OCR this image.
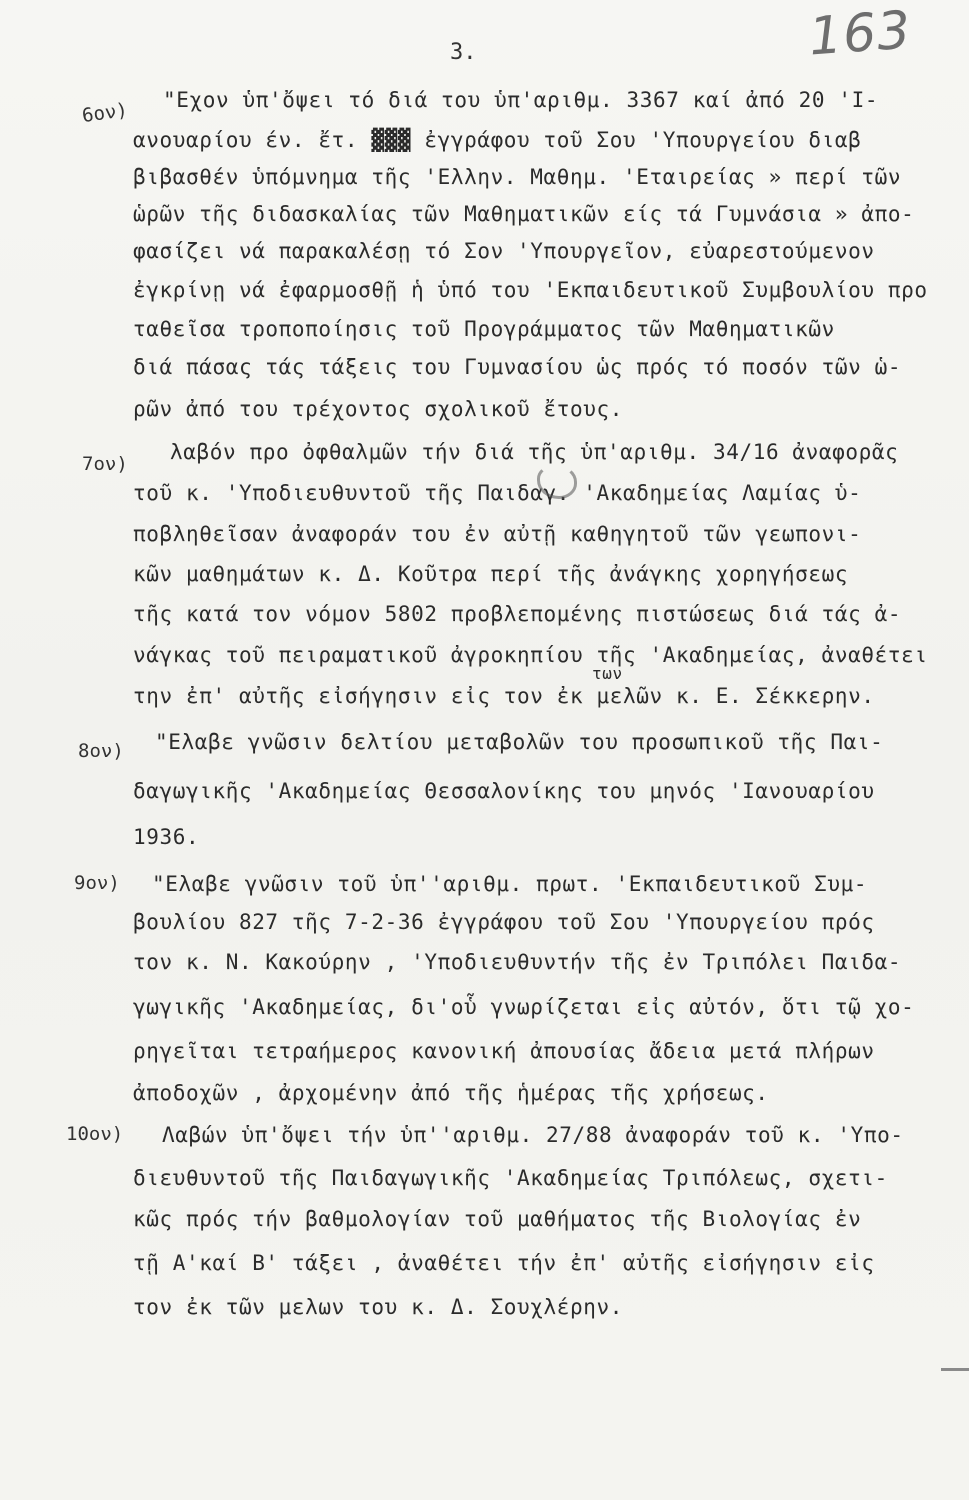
163
3.
6ον) "Εχον ὑπ'ὄψει τό διά του ὑπ'αριθμ. 3367 καί ἀπό 20 'Ι-
ανουαρίου έν. ἔτ. ▓▓▓ ἐγγράφου τοῦ Σου 'Υπουργείου διαβ
βιβασθέν ὑπόμνημα τῆς 'Ελλην. Μαθημ. 'Εταιρείας » περί τῶν
ὡρῶν τῆς διδασκαλίας τῶν Μαθηματικῶν είς τά Γυμνάσια » ἀπο-
φασίζει νά παρακαλέσῃ τό Σον 'Υπουργεῖον, εὐαρεστούμενον
ἐγκρίνῃ νά ἐφαρμοσθῇ ἡ ὑπό του 'Εκπαιδευτικοῦ Συμβουλίου προ
ταθεῖσα τροποποίησις τοῦ Προγράμματος τῶν Μαθηματικῶν
διά πάσας τάς τάξεις του Γυμνασίου ὡς πρός τό ποσόν τῶν ὡ-
ρῶν ἀπό του τρέχοντος σχολικοῦ ἔτους.
7ον) λαβόν προ ὀφθαλμῶν τήν διά τῆς ὑπ'αριθμ. 34/16 ἀναφορᾶς
τοῦ κ. 'Υποδιευθυντοῦ τῆς Παιδαγ. 'Ακαδημείας Λαμίας ὑ-
ποβληθεῖσαν ἀναφοράν του ἐν αὐτῇ καθηγητοῦ τῶν γεωπονι-
κῶν μαθημάτων κ. Δ. Κοῦτρα περί τῆς ἀνάγκης χορηγήσεως
τῆς κατά τον νόμον 5802 προβλεπομένης πιστώσεως διά τάς ἀ-
νάγκας τοῦ πειραματικοῦ ἀγροκηπίου τῆς 'Ακαδημείας, ἀναθέτει
των
την ἐπ' αὐτῆς εἰσήγησιν εἰς τον ἐκ μελῶν κ. Ε. Σέκκερην.
8ον) "Ελαβε γνῶσιν δελτίου μεταβολῶν του προσωπικοῦ τῆς Παι-
δαγωγικῆς 'Ακαδημείας Θεσσαλονίκης του μηνός 'Ιανουαρίου
1936.
9ον) "Ελαβε γνῶσιν τοῦ ὑπ''αριθμ. πρωτ. 'Εκπαιδευτικοῦ Συμ-
βουλίου 827 τῆς 7-2-36 ἐγγράφου τοῦ Σου 'Υπουργείου πρός
τον κ. Ν. Κακούρην , 'Υποδιευθυντήν τῆς ἐν Τριπόλει Παιδα-
γωγικῆς 'Ακαδημείας, δι'οὗ γνωρίζεται εἰς αὐτόν, ὅτι τῷ χο-
ρηγεῖται τετραήμερος κανονική ἀπουσίας ἄδεια μετά πλήρων
ἀποδοχῶν , ἀρχομένην ἀπό τῆς ἡμέρας τῆς χρήσεως.
10ον) Λαβών ὑπ'ὄψει τήν ὑπ''αριθμ. 27/88 ἀναφοράν τοῦ κ. 'Υπο-
διευθυντοῦ τῆς Παιδαγωγικῆς 'Ακαδημείας Τριπόλεως, σχετι-
κῶς πρός τήν βαθμολογίαν τοῦ μαθήματος τῆς Βιολογίας ἐν
τῇ Α'καί Β' τάξει , ἀναθέτει τήν ἐπ' αὐτῆς εἰσήγησιν εἰς
τον ἐκ τῶν μελων του κ. Δ. Σουχλέρην.
